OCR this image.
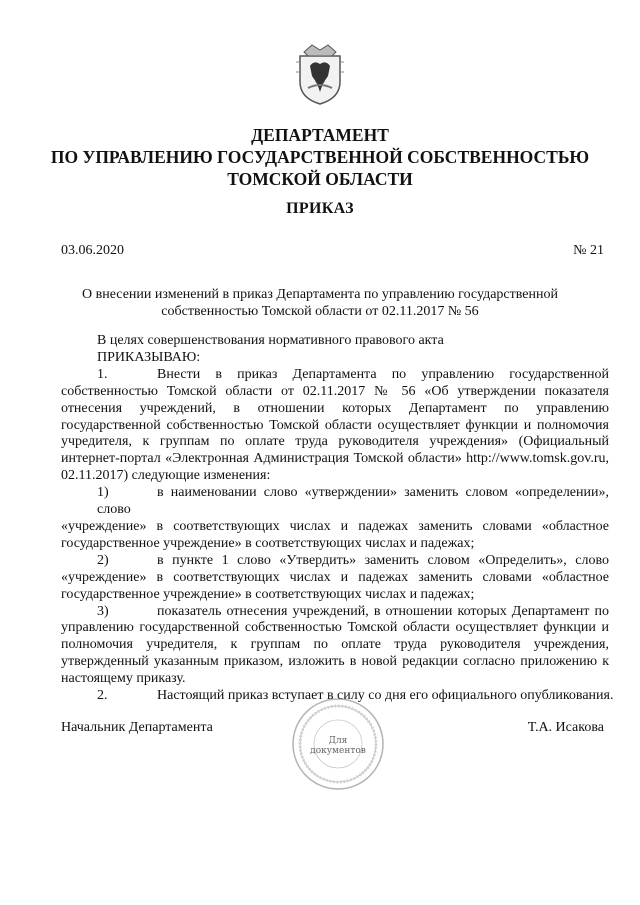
ДЕПАРТАМЕНТ
ПО УПРАВЛЕНИЮ ГОСУДАРСТВЕННОЙ СОБСТВЕННОСТЬЮ
ТОМСКОЙ ОБЛАСТИ
ПРИКАЗ
03.06.2020	№ 21
О внесении изменений в приказ Департамента по управлению государственной
собственностью Томской области от 02.11.2017 № 56
В целях совершенствования нормативного правового акта
ПРИКАЗЫВАЮ:
1.	Внести в приказ Департамента по управлению государственной
собственностью Томской области от 02.11.2017 № 56 «Об утверждении показателя
отнесения учреждений, в отношении которых Департамент по управлению
государственной собственностью Томской области осуществляет функции и полномочия
учредителя, к группам по оплате труда руководителя учреждения» (Официальный
интернет-портал «Электронная Администрация Томской области» http://www.tomsk.gov.ru,
02.11.2017) следующие изменения:
1)	в наименовании слово «утверждении» заменить словом «определении», слово
«учреждение» в соответствующих числах и падежах заменить словами «областное
государственное учреждение» в соответствующих числах и падежах;
2)	в пункте 1 слово «Утвердить» заменить словом «Определить», слово
«учреждение» в соответствующих числах и падежах заменить словами «областное
государственное учреждение» в соответствующих числах и падежах;
3)	показатель отнесения учреждений, в отношении которых Департамент по
управлению государственной собственностью Томской области осуществляет функции и
полномочия учредителя, к группам по оплате труда руководителя учреждения,
утвержденный указанным приказом, изложить в новой редакции согласно приложению к
настоящему приказу.
2.	Настоящий приказ вступает в силу со дня его официального опубликования.
Начальник Департамента
Для
документов
Т.А. Исакова
